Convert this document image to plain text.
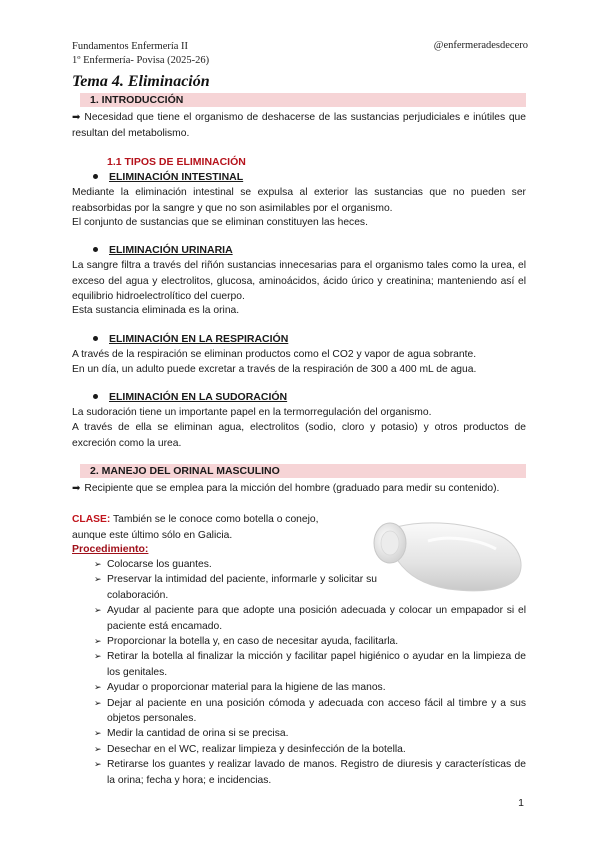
Fundamentos Enfermería II
1º Enfermería- Povisa (2025-26)
@enfermeradesdecero
Tema 4. Eliminación
1. INTRODUCCIÓN

➡ Necesidad que tiene el organismo de deshacerse de las sustancias perjudiciales e inútiles que resultan del metabolismo.

1.1 TIPOS DE ELIMINACIÓN
ELIMINACIÓN INTESTINAL

Mediante la eliminación intestinal se expulsa al exterior las sustancias que no pueden ser reabsorbidas por la sangre y que no son asimilables por el organismo.

El conjunto de sustancias que se eliminan constituyen las heces.

ELIMINACIÓN URINARIA

La sangre filtra a través del riñón sustancias innecesarias para el organismo tales como la urea, el exceso del agua y electrolitos, glucosa, aminoácidos, ácido úrico y creatinina; manteniendo así el equilibrio hidroelectrolítico del cuerpo.

Esta sustancia eliminada es la orina.

ELIMINACIÓN EN LA RESPIRACIÓN

A través de la respiración se eliminan productos como el CO2 y vapor de agua sobrante.

En un día, un adulto puede excretar a través de la respiración de 300 a 400 mL de agua.

ELIMINACIÓN EN LA SUDORACIÓN

La sudoración tiene un importante papel en la termorregulación del organismo.

A través de ella se eliminan agua, electrolitos (sodio, cloro y potasio) y otros productos de excreción como la urea.

2. MANEJO DEL ORINAL MASCULINO

➡ Recipiente que se emplea para la micción del hombre (graduado para medir su contenido).

CLASE: También se le conoce como botella o conejo,
aunque este último sólo en Galicia.
Procedimiento:
➢ Colocarse los guantes.
➢ Preservar la intimidad del paciente, informarle y solicitar su colaboración.
➢ Ayudar al paciente para que adopte una posición adecuada y colocar un empapador si el paciente está encamado.
➢ Proporcionar la botella y, en caso de necesitar ayuda, facilitarla.
➢ Retirar la botella al finalizar la micción y facilitar papel higiénico o ayudar en la limpieza de los genitales.
➢ Ayudar o proporcionar material para la higiene de las manos.
➢ Dejar al paciente en una posición cómoda y adecuada con acceso fácil al timbre y a sus objetos personales.
➢ Medir la cantidad de orina si se precisa.
➢ Desechar en el WC, realizar limpieza y desinfección de la botella.
➢ Retirarse los guantes y realizar lavado de manos. Registro de diuresis y características de la orina; fecha y hora; e incidencias.
1
